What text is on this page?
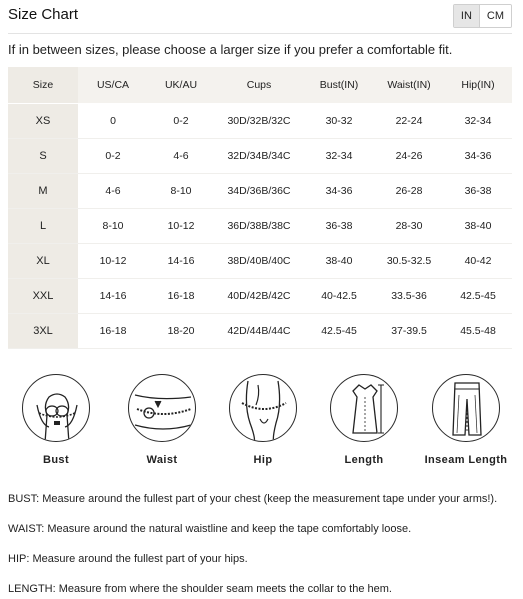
Size Chart	IN	CM
If in between sizes, please choose a larger size if you prefer a comfortable fit.
Size	US/CA	UK/AU	Cups	Bust(IN)	Waist(IN)	Hip(IN)
XS	0	0-2	30D/32B/32C	30-32	22-24	32-34
S	0-2	4-6	32D/34B/34C	32-34	24-26	34-36
M	4-6	8-10	34D/36B/36C	34-36	26-28	36-38
L	8-10	10-12	36D/38B/38C	36-38	28-30	38-40
XL	10-12	14-16	38D/40B/40C	38-40	30.5-32.5	40-42
XXL	14-16	16-18	40D/42B/42C	40-42.5	33.5-36	42.5-45
3XL	16-18	18-20	42D/44B/44C	42.5-45	37-39.5	45.5-48
Bust	Waist	Hip	Length	Inseam Length

BUST: Measure around the fullest part of your chest (keep the measurement tape under your arms!).

WAIST: Measure around the natural waistline and keep the tape comfortably loose.

HIP: Measure around the fullest part of your hips.

LENGTH: Measure from where the shoulder seam meets the collar to the hem.
